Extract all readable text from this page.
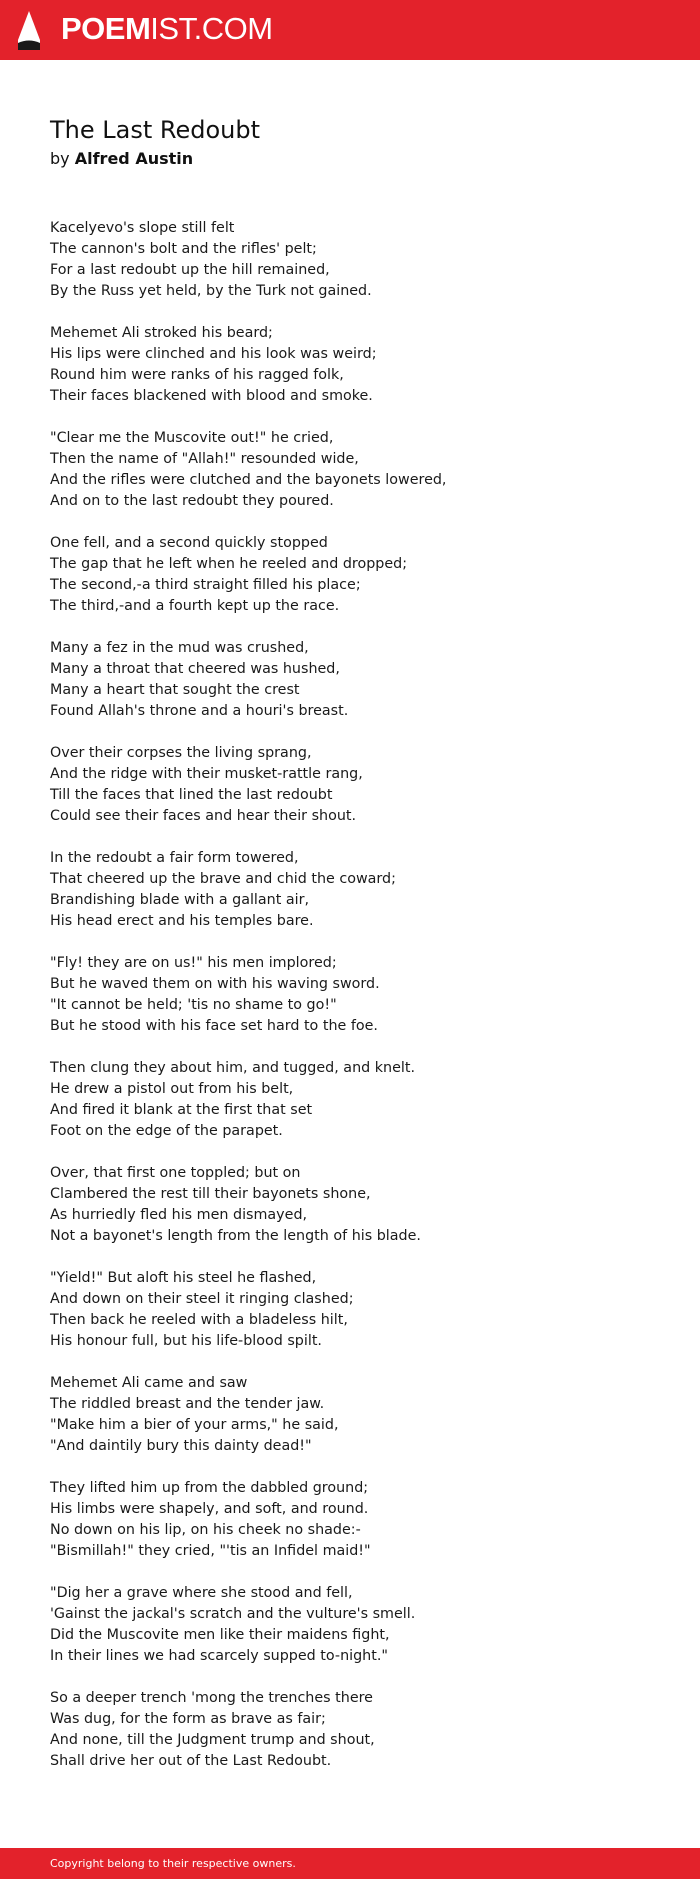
POEMIST.COM
The Last Redoubt
by Alfred Austin
Kacelyevo's slope still felt
The cannon's bolt and the rifles' pelt;
For a last redoubt up the hill remained,
By the Russ yet held, by the Turk not gained.
Mehemet Ali stroked his beard;
His lips were clinched and his look was weird;
Round him were ranks of his ragged folk,
Their faces blackened with blood and smoke.
"Clear me the Muscovite out!" he cried,
Then the name of "Allah!" resounded wide,
And the rifles were clutched and the bayonets lowered,
And on to the last redoubt they poured.
One fell, and a second quickly stopped
The gap that he left when he reeled and dropped;
The second,-a third straight filled his place;
The third,-and a fourth kept up the race.
Many a fez in the mud was crushed,
Many a throat that cheered was hushed,
Many a heart that sought the crest
Found Allah's throne and a houri's breast.
Over their corpses the living sprang,
And the ridge with their musket-rattle rang,
Till the faces that lined the last redoubt
Could see their faces and hear their shout.
In the redoubt a fair form towered,
That cheered up the brave and chid the coward;
Brandishing blade with a gallant air,
His head erect and his temples bare.
"Fly! they are on us!" his men implored;
But he waved them on with his waving sword.
"It cannot be held; 'tis no shame to go!"
But he stood with his face set hard to the foe.
Then clung they about him, and tugged, and knelt.
He drew a pistol out from his belt,
And fired it blank at the first that set
Foot on the edge of the parapet.
Over, that first one toppled; but on
Clambered the rest till their bayonets shone,
As hurriedly fled his men dismayed,
Not a bayonet's length from the length of his blade.
"Yield!" But aloft his steel he flashed,
And down on their steel it ringing clashed;
Then back he reeled with a bladeless hilt,
His honour full, but his life-blood spilt.
Mehemet Ali came and saw
The riddled breast and the tender jaw.
"Make him a bier of your arms," he said,
"And daintily bury this dainty dead!"
They lifted him up from the dabbled ground;
His limbs were shapely, and soft, and round.
No down on his lip, on his cheek no shade:-
"Bismillah!" they cried, "'tis an Infidel maid!"
"Dig her a grave where she stood and fell,
'Gainst the jackal's scratch and the vulture's smell.
Did the Muscovite men like their maidens fight,
In their lines we had scarcely supped to-night."
So a deeper trench 'mong the trenches there
Was dug, for the form as brave as fair;
And none, till the Judgment trump and shout,
Shall drive her out of the Last Redoubt.
Copyright belong to their respective owners.
